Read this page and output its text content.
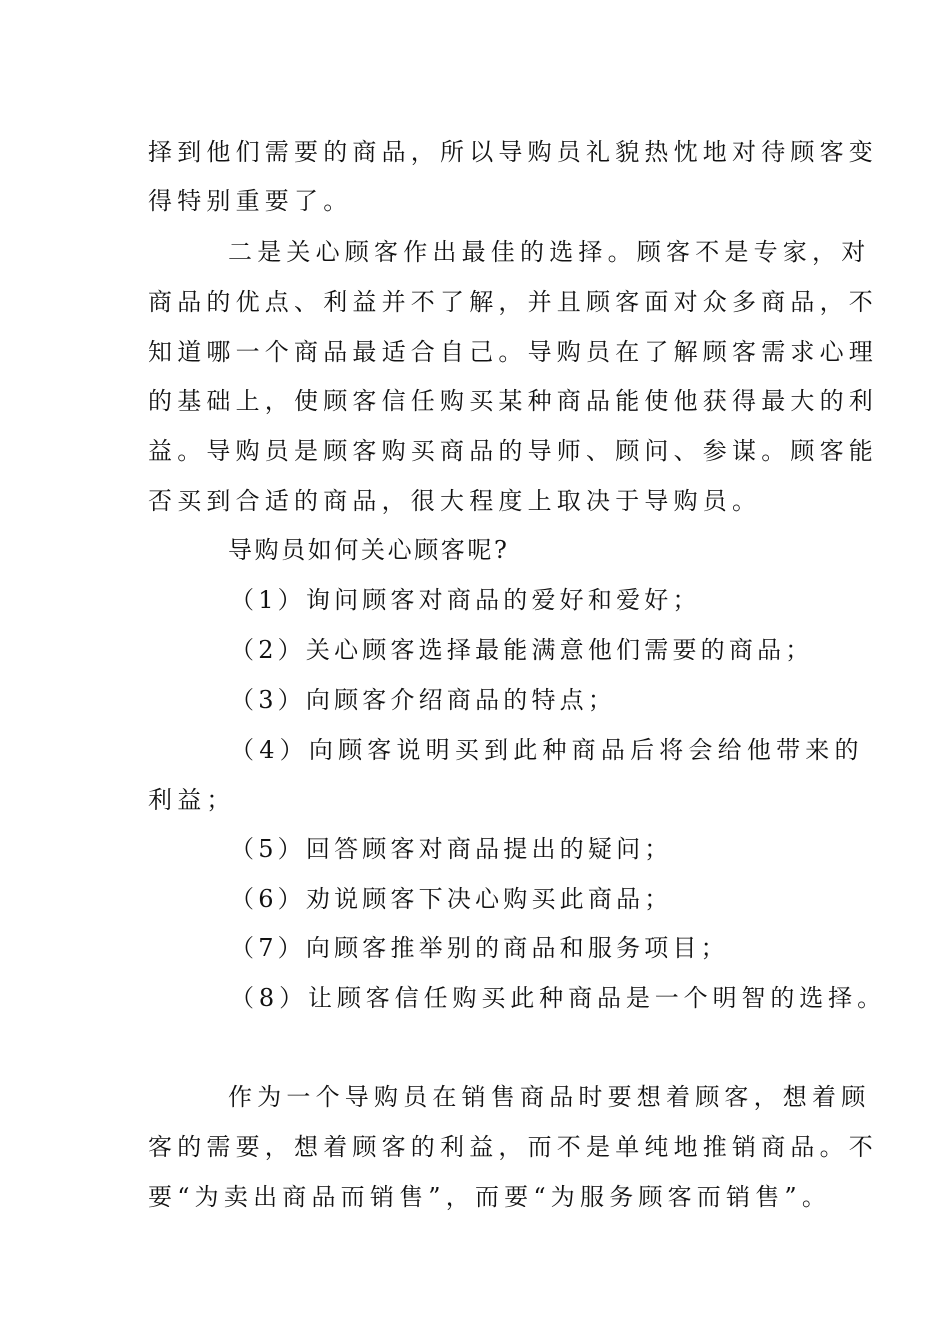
择到他们需要的商品，所以导购员礼貌热忱地对待顾客变
得特别重要了。
二是关心顾客作出最佳的选择。顾客不是专家，对
商品的优点、利益并不了解，并且顾客面对众多商品，不
知道哪一个商品最适合自己。导购员在了解顾客需求心理
的基础上，使顾客信任购买某种商品能使他获得最大的利
益。导购员是顾客购买商品的导师、顾问、参谋。顾客能
否买到合适的商品，很大程度上取决于导购员。
导购员如何关心顾客呢?
（1）询问顾客对商品的爱好和爱好；
（2）关心顾客选择最能满意他们需要的商品；
（3）向顾客介绍商品的特点；
（4）向顾客说明买到此种商品后将会给他带来的
利益；
（5）回答顾客对商品提出的疑问；
（6）劝说顾客下决心购买此商品；
（7）向顾客推举别的商品和服务项目；
（8）让顾客信任购买此种商品是一个明智的选择。
作为一个导购员在销售商品时要想着顾客，想着顾
客的需要，想着顾客的利益，而不是单纯地推销商品。不
要“为卖出商品而销售”，而要“为服务顾客而销售”。
